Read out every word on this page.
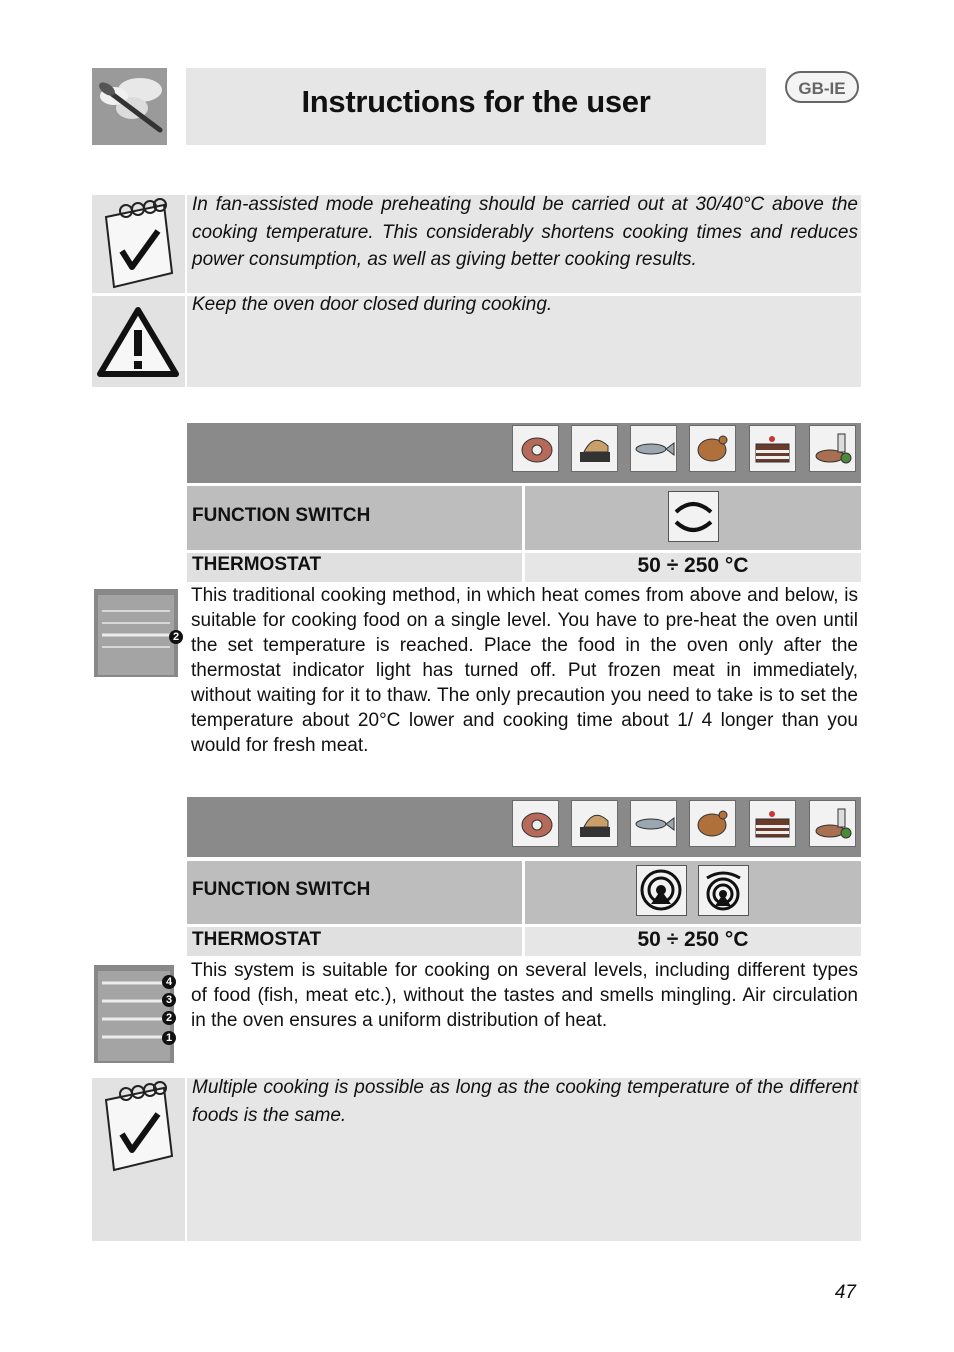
Instructions for the user	GB-IE
In fan-assisted mode preheating should be carried out at 30/40°C above the cooking temperature. This considerably shortens cooking times and reduces power consumption, as well as giving better cooking results.
Keep the oven door closed during cooking.
FUNCTION SWITCH
THERMOSTAT	50 ÷ 250 °C
2
This traditional cooking method, in which heat comes from above and below, is suitable for cooking food on a single level. You have to pre-heat the oven until the set temperature is reached. Place the food in the oven only after the thermostat indicator light has turned off. Put frozen meat in immediately, without waiting for it to thaw. The only precaution you need to take is to set the temperature about 20°C lower and cooking time about 1/ 4 longer than you would for fresh meat.
FUNCTION SWITCH
THERMOSTAT	50 ÷ 250 °C
4
3
2
1
This system is suitable for cooking on several levels, including different types of food (fish, meat etc.), without the tastes and smells mingling. Air circulation in the oven ensures a uniform distribution of heat.
Multiple cooking is possible as long as the cooking temperature of the different foods is the same.
47
